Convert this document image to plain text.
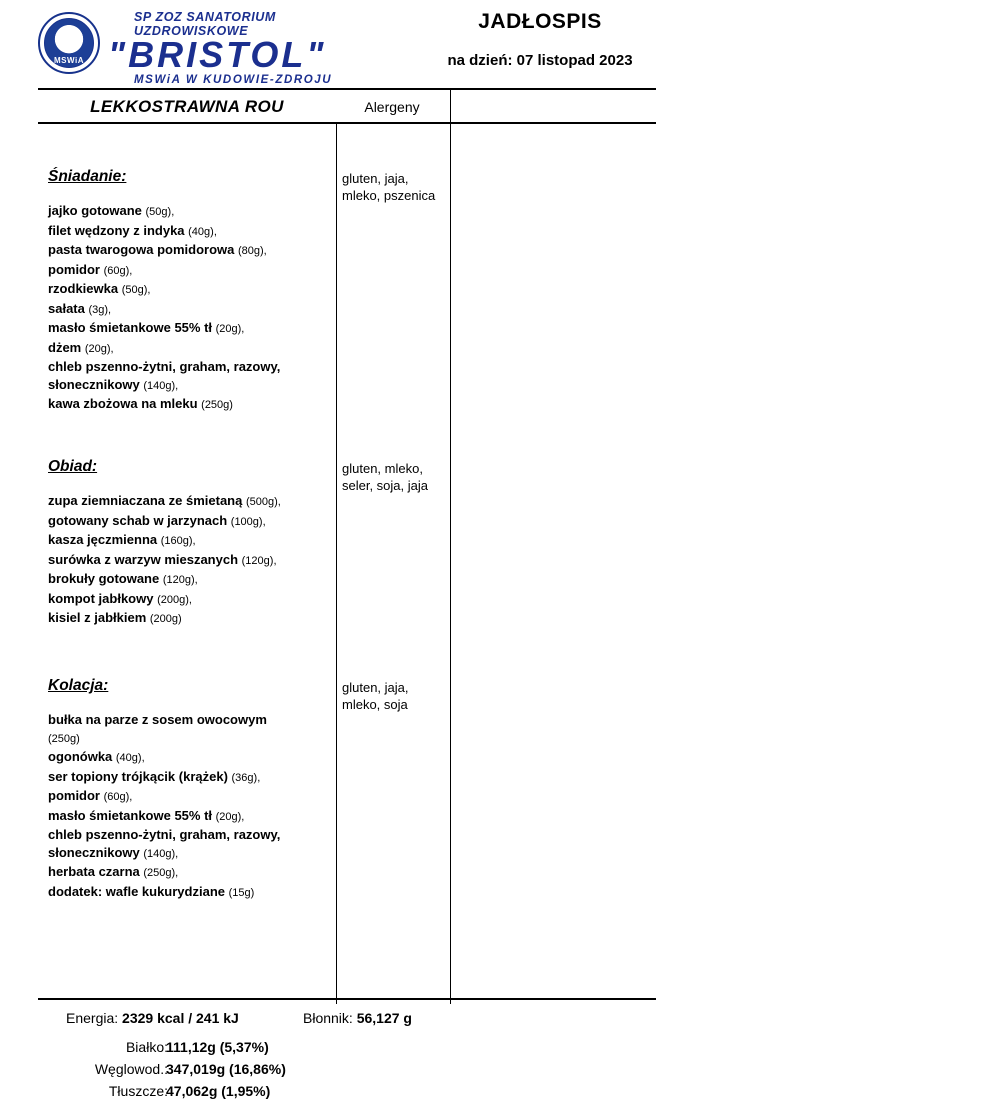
MSWiA
SP ZOZ SANATORIUM UZDROWISKOWE
"BRISTOL"
MSWiA W KUDOWIE-ZDROJU
JADŁOSPIS
na dzień: 07 listopad 2023
LEKKOSTRAWNA ROU	Alergeny
Śniadanie:
jajko gotowane (50g),
filet wędzony z indyka (40g),
pasta twarogowa pomidorowa (80g),
pomidor (60g),
rzodkiewka (50g),
sałata (3g),
masło śmietankowe 55% tł (20g),
dżem (20g),
chleb pszenno-żytni, graham, razowy, słonecznikowy (140g),
kawa zbożowa na mleku (250g)
gluten, jaja, mleko, pszenica
Obiad:
zupa ziemniaczana ze śmietaną (500g),
gotowany schab w jarzynach (100g),
kasza jęczmienna (160g),
surówka z warzyw mieszanych (120g),
brokuły gotowane (120g),
kompot jabłkowy (200g),
kisiel z jabłkiem (200g)
gluten, mleko, seler, soja, jaja
Kolacja:
bułka na parze z sosem owocowym
(250g)
ogonówka (40g),
ser topiony trójkącik (krążek) (36g),
pomidor (60g),
masło śmietankowe 55% tł (20g),
chleb pszenno-żytni, graham, razowy, słonecznikowy (140g),
herbata czarna (250g),
dodatek: wafle kukurydziane (15g)
gluten, jaja, mleko, soja
Energia: 2329 kcal / 241 kJ	Błonnik: 56,127 g
Białko:
111,12g (5,37%)
Węglowod.:
347,019g (16,86%)
Tłuszcze:
47,062g (1,95%)
